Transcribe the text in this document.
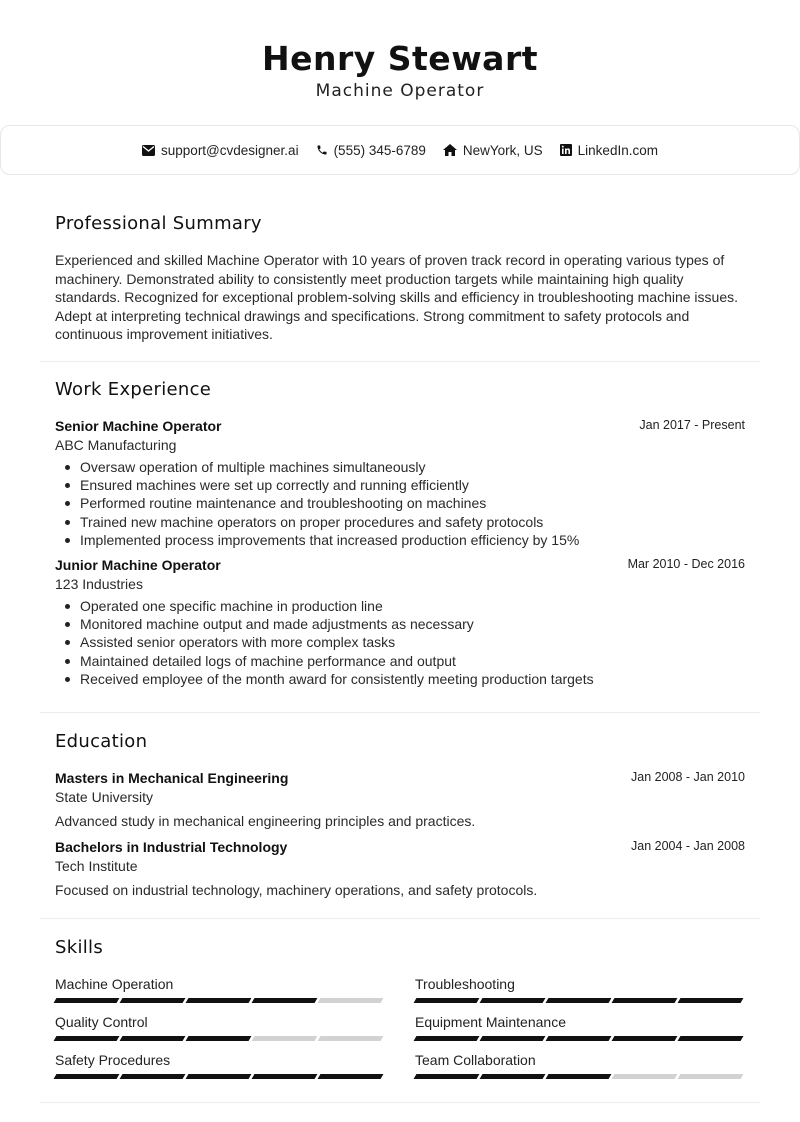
Henry Stewart
Machine Operator
support@cvdesigner.ai	(555) 345-6789	NewYork, US	LinkedIn.com
Professional Summary
Experienced and skilled Machine Operator with 10 years of proven track record in operating various types of machinery. Demonstrated ability to consistently meet production targets while maintaining high quality standards. Recognized for exceptional problem-solving skills and efficiency in troubleshooting machine issues. Adept at interpreting technical drawings and specifications. Strong commitment to safety protocols and continuous improvement initiatives.
Work Experience
Senior Machine Operator	Jan 2017 - Present
ABC Manufacturing
Oversaw operation of multiple machines simultaneously
Ensured machines were set up correctly and running efficiently
Performed routine maintenance and troubleshooting on machines
Trained new machine operators on proper procedures and safety protocols
Implemented process improvements that increased production efficiency by 15%
Junior Machine Operator	Mar 2010 - Dec 2016
123 Industries
Operated one specific machine in production line
Monitored machine output and made adjustments as necessary
Assisted senior operators with more complex tasks
Maintained detailed logs of machine performance and output
Received employee of the month award for consistently meeting production targets
Education
Masters in Mechanical Engineering	Jan 2008 - Jan 2010
State University
Advanced study in mechanical engineering principles and practices.
Bachelors in Industrial Technology	Jan 2004 - Jan 2008
Tech Institute
Focused on industrial technology, machinery operations, and safety protocols.
Skills
Machine Operation	Troubleshooting
Quality Control	Equipment Maintenance
Safety Procedures	Team Collaboration
